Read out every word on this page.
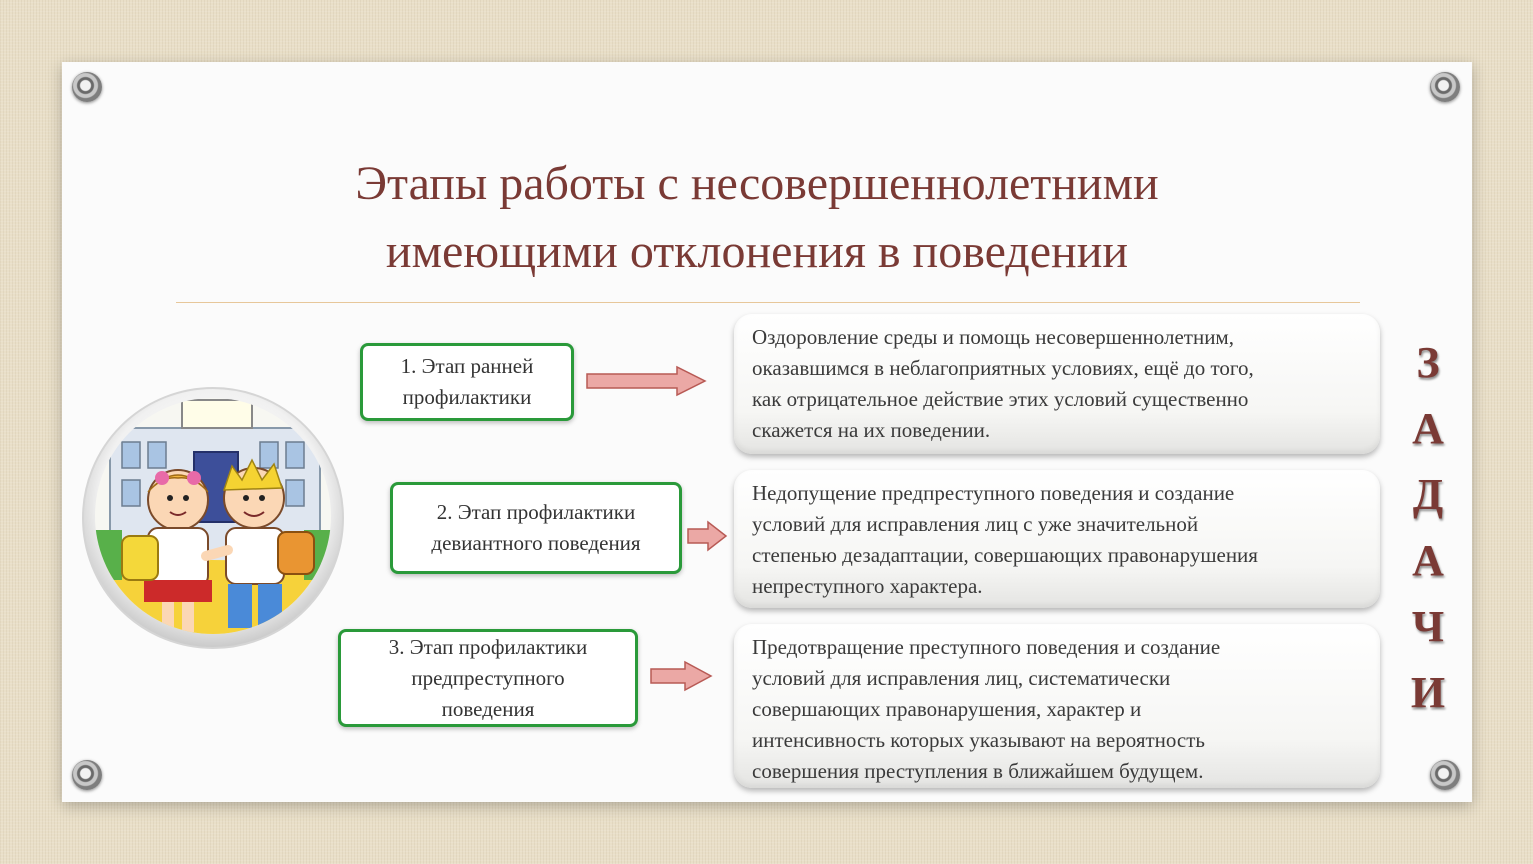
Этапы работы с несовершеннолетними
имеющими отклонения в поведении
1. Этап ранней
профилактики
2. Этап профилактики
девиантного поведения
3. Этап профилактики
предпреступного
поведения
Оздоровление среды и помощь несовершеннолетним,
оказавшимся в неблагоприятных условиях, ещё до того,
как отрицательное действие этих условий существенно
скажется на их поведении.
Недопущение предпреступного поведения и создание
условий для исправления лиц с уже значительной
степенью дезадаптации, совершающих правонарушения
непреступного характера.
Предотвращение преступного поведения и создание
условий для исправления лиц, систематически
совершающих правонарушения, характер и
интенсивность которых указывают на вероятность
совершения преступления в ближайшем будущем.
З
А
Д
А
Ч
И
